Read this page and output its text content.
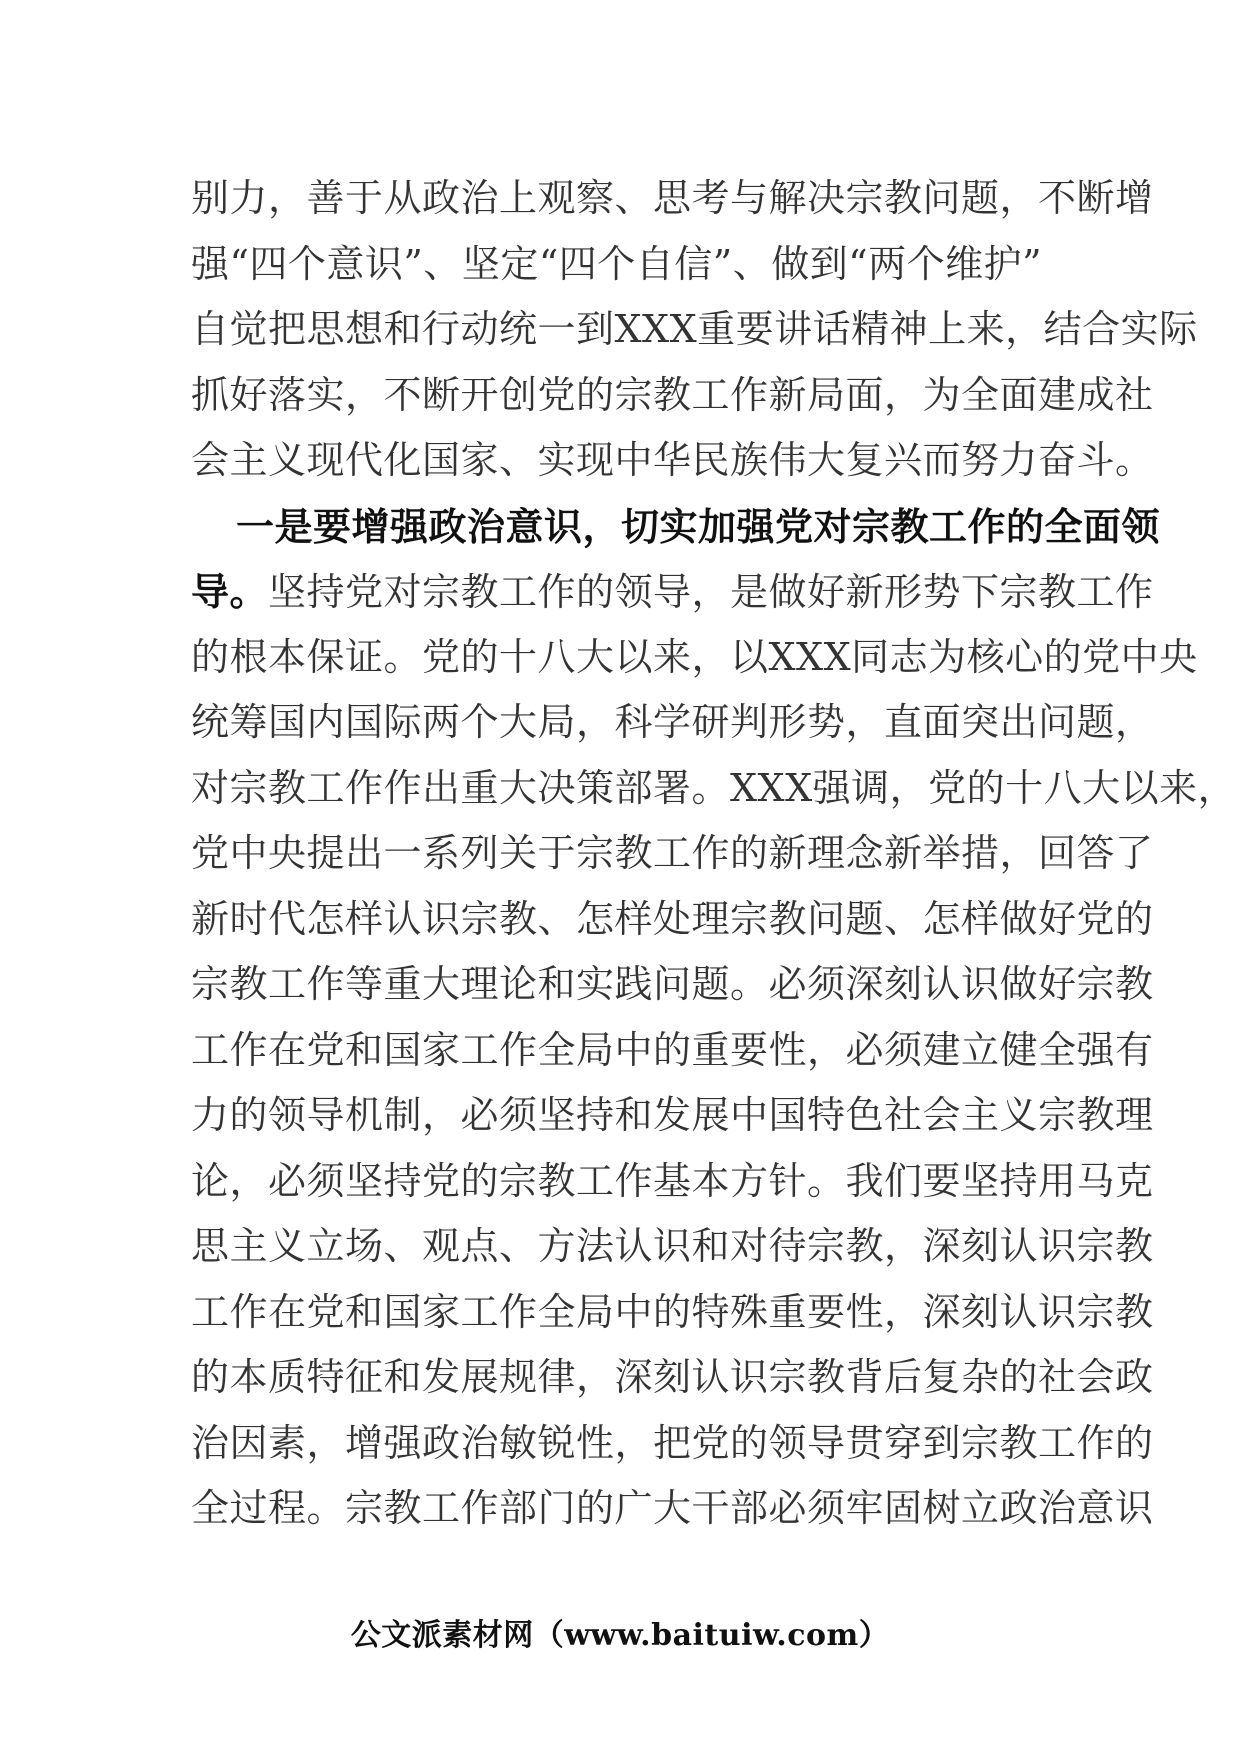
别力，善于从政治上观察、思考与解决宗教问题，不断增
强“四个意识”、坚定“四个自信”、做到“两个维护”
自觉把思想和行动统一到XXX重要讲话精神上来，结合实际
抓好落实，不断开创党的宗教工作新局面，为全面建成社
会主义现代化国家、实现中华民族伟大复兴而努力奋斗。
一是要增强政治意识，切实加强党对宗教工作的全面领
导。坚持党对宗教工作的领导，是做好新形势下宗教工作
的根本保证。党的十八大以来，以XXX同志为核心的党中央
统筹国内国际两个大局，科学研判形势，直面突出问题，
对宗教工作作出重大决策部署。XXX强调，党的十八大以来，
党中央提出一系列关于宗教工作的新理念新举措，回答了
新时代怎样认识宗教、怎样处理宗教问题、怎样做好党的
宗教工作等重大理论和实践问题。必须深刻认识做好宗教
工作在党和国家工作全局中的重要性，必须建立健全强有
力的领导机制，必须坚持和发展中国特色社会主义宗教理
论，必须坚持党的宗教工作基本方针。我们要坚持用马克
思主义立场、观点、方法认识和对待宗教，深刻认识宗教
工作在党和国家工作全局中的特殊重要性，深刻认识宗教
的本质特征和发展规律，深刻认识宗教背后复杂的社会政
治因素，增强政治敏锐性，把党的领导贯穿到宗教工作的
全过程。宗教工作部门的广大干部必须牢固树立政治意识
公文派素材网（www.baituiw.com）
